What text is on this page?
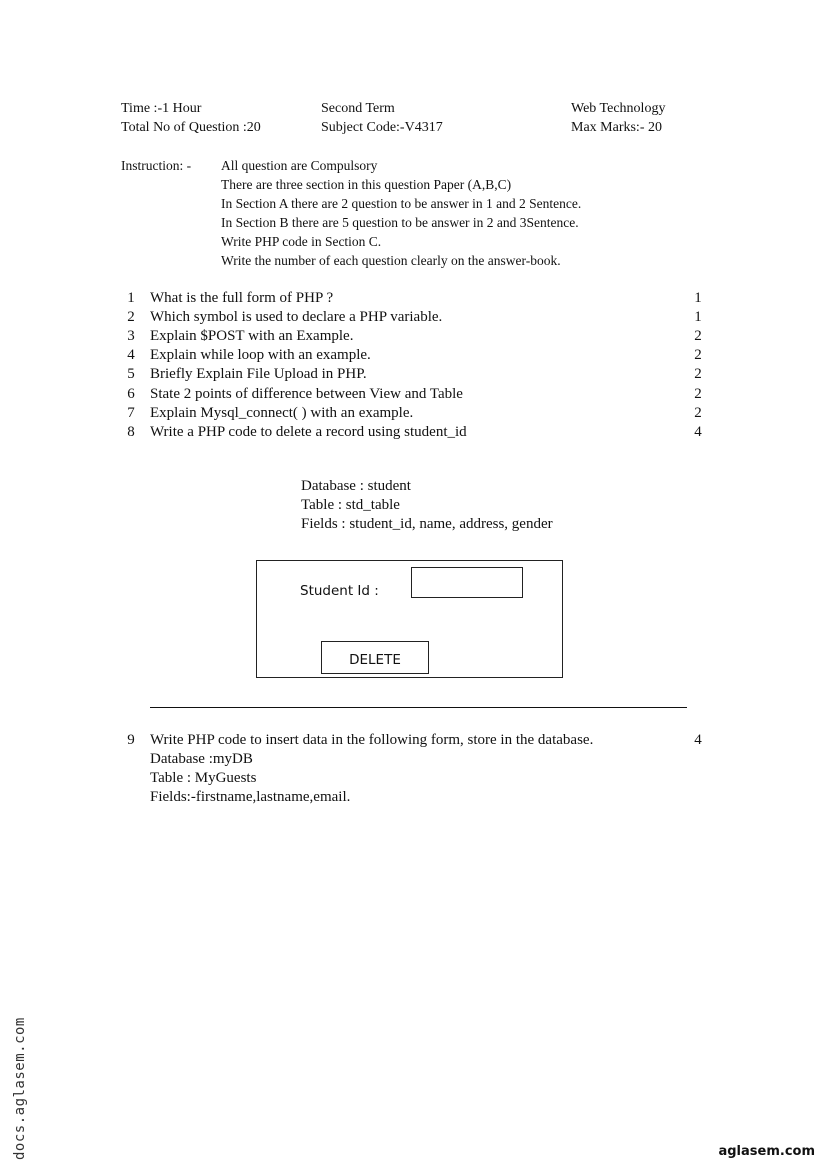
Time :-1 Hour	Second Term	Web Technology
Total No of Question :20	Subject Code:-V4317	Max Marks:- 20
Instruction: - All question are Compulsory
There are three section in this question Paper (A,B,C)
In Section A there are 2 question to be answer in 1 and 2 Sentence.
In Section B there are 5 question to be answer in 2 and 3Sentence.
Write PHP code in Section C.
Write the number of each question clearly on the answer-book.
1	What is the full form of PHP ?	1
2	Which symbol is used to declare a PHP variable.	1
3	Explain $POST with an Example.	2
4	Explain while loop with an example.	2
5	Briefly Explain File Upload in PHP.	2
6	State 2 points of difference between View and Table	2
7	Explain Mysql_connect( ) with an example.	2
8	Write a PHP code to delete a record using student_id	4
Database : student
Table : std_table
Fields : student_id, name, address, gender
Student Id :
DELETE
9	Write PHP code to insert data in the following form, store in the database.	4
Database :myDB
Table : MyGuests
Fields:-firstname,lastname,email.
docs.aglasem.com	aglasem.com
